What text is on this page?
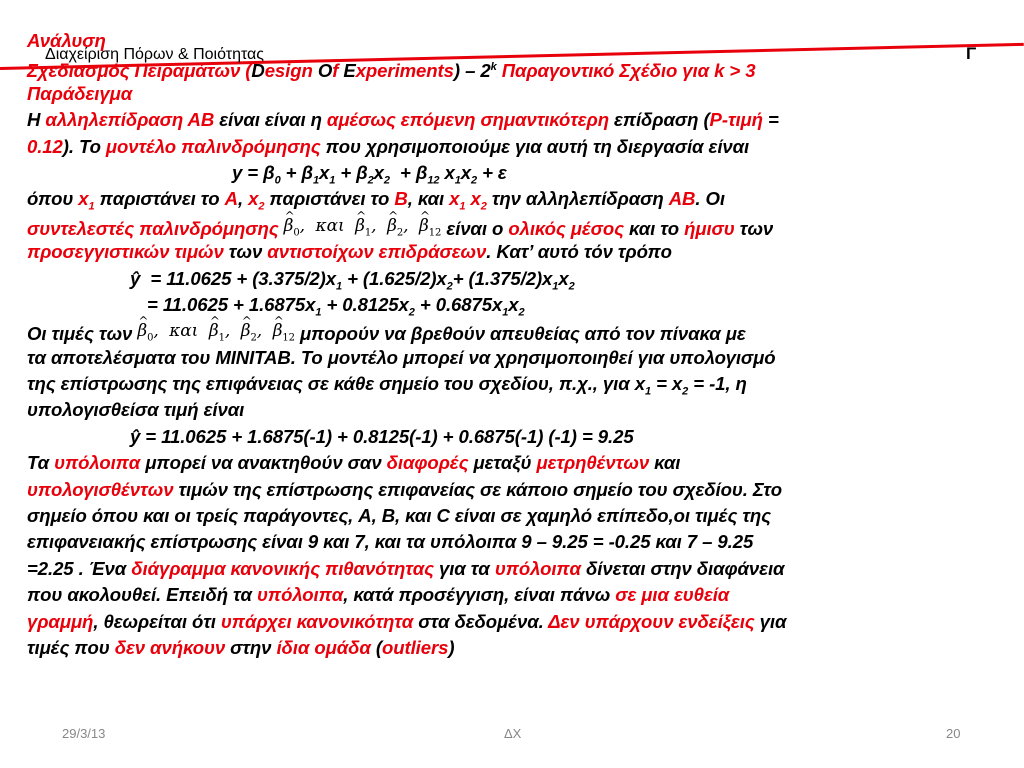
Διαχείριση Πόρων & Ποιότητας	Γ
Ανάλυση
Σχεδιασμός Πειραμάτων (Design Of Experiments) – 2$^k$ Παραγοντικό Σχέδιο για k > 3
Παράδειγμα
Η αλληλεπίδραση ΑΒ είναι είναι η αμέσως επόμενη σημαντικότερη επίδραση (P-τιμή =
0.12). Το μοντέλο παλινδρόμησης που χρησιμοποιούμε για αυτή τη διεργασία είναι
$y = \beta_0 + \beta_1x_1 + \beta_2x_2 + \beta_{12}$ $x_1x_2 + \varepsilon$
όπου $x_1$ παριστάνει το A, $x_2$ παριστάνει το B, και $x_1$ $x_2$ την αλληλεπίδραση AB. Οι
συντελεστές παλινδρόμησης ^ $\beta_0$,  και  ^ $\beta_1$,  ^ $\beta_2$,  ^ $\beta_{12}$ είναι ο ολικός μέσος και το ήμισυ των
προσεγγιστικών τιμών των αντιστοίχων επιδράσεων. Κατ’ αυτό τόν τρόπο
ŷ  = $11.0625 + (3.375/2)x_1 + (1.625/2)x_2+ (1.375/2)x_1x_2$
= $11.0625 + 1.6875x_1 + 0.8125x_2 + 0.6875x_1x_2$
Οι τιμές των ^ $\beta_0$,  και  ^ $\beta_1$,  ^ $\beta_2$,  ^ $\beta_{12}$ μπορούν να βρεθούν απευθείας από τον πίνακα με
τα αποτελέσματα του MINITAB. Το μοντέλο μπορεί να χρησιμοποιηθεί για υπολογισμό
της επίστρωσης της επιφάνειας σε κάθε σημείο του σχεδίου, π.χ., για $x_1 = x_2 = -1$, η
υπολογισθείσα τιμή είναι
ŷ = 11.0625 + 1.6875(-1) + 0.8125(-1) + 0.6875(-1) (-1) = 9.25
Τα υπόλοιπα μπορεί να ανακτηθούν σαν διαφορές μεταξύ μετρηθέντων και
υπολογισθέντων τιμών της επίστρωσης επιφανείας σε κάποιο σημείο του σχεδίου. Στο
σημείο όπου και οι τρείς παράγοντες, A, B, και C είναι σε χαμηλό επίπεδο,οι τιμές της
επιφανειακής επίστρωσης είναι 9 και 7, και τα υπόλοιπα 9 – 9.25 = -0.25 και 7 – 9.25
=2.25 . Ένα διάγραμμα κανονικής πιθανότητας για τα υπόλοιπα δίνεται στην διαφάνεια
που ακολουθεί. Επειδή τα υπόλοιπα, κατά προσέγγιση, είναι πάνω σε μια ευθεία
γραμμή, θεωρείται ότι υπάρχει κανονικότητα στα δεδομένα. Δεν υπάρχουν ενδείξεις για
τιμές που δεν ανήκουν στην ίδια ομάδα (outliers)
29/3/13	ΔΧ	20
